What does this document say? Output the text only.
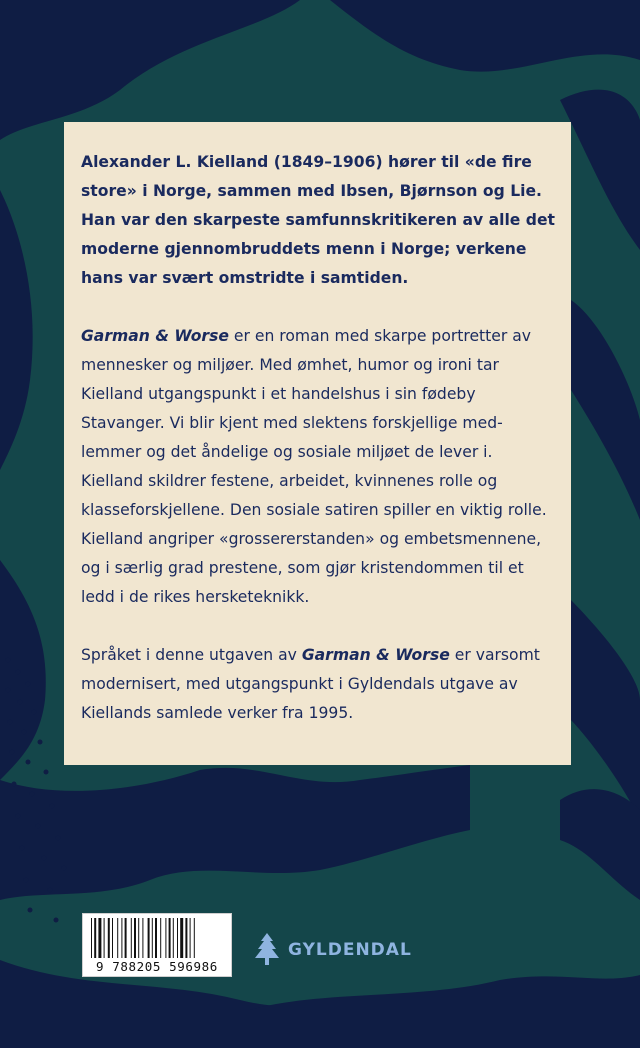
Alexander L. Kielland (1849–1906) hører til «de fire store» i Norge, sammen med Ibsen, Bjørnson og Lie. Han var den skarpeste samfunnskritikeren av alle det moderne gjennombruddets menn i Norge; verkene hans var svært omstridte i samtiden.

Garman & Worse er en roman med skarpe portretter av mennesker og miljøer. Med ømhet, humor og ironi tar Kielland utgangspunkt i et handelshus i sin fødeby Stavanger. Vi blir kjent med slektens forskjellige medlemmer og det åndelige og sosiale miljøet de lever i. Kielland skildrer festene, arbeidet, kvinnenes rolle og klasseforskjellene. Den sosiale satiren spiller en viktig rolle. Kielland angriper «grossererstanden» og embetsmennene, og i særlig grad prestene, som gjør kristendommen til et ledd i de rikes hersketeknikk.

Språket i denne utgaven av Garman & Worse er varsomt modernisert, med utgangspunkt i Gyldendals utgave av Kiellands samlede verker fra 1995.

9 788205 596986
GYLDENDAL
